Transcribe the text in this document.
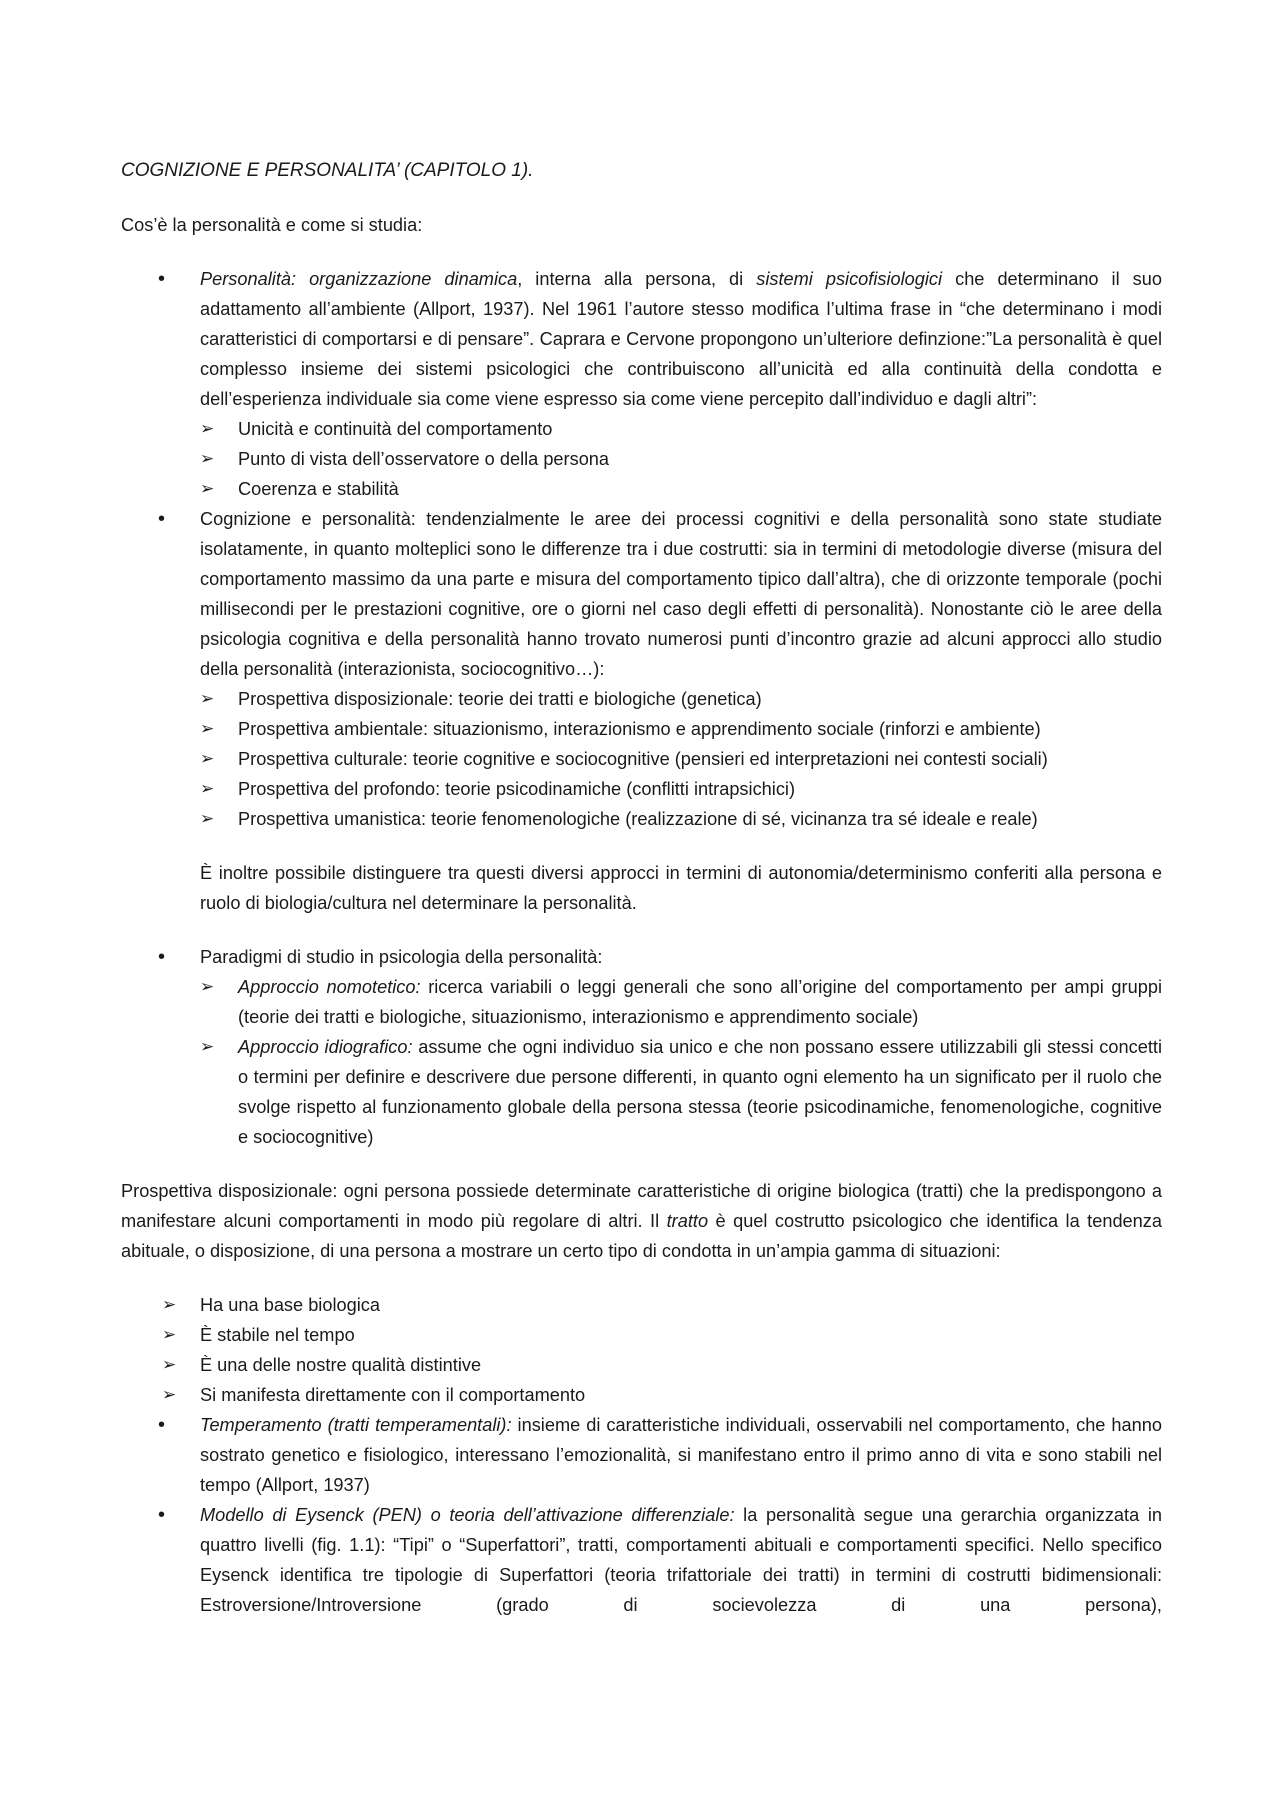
COGNIZIONE E PERSONALITA’ (CAPITOLO 1).

Cos’è la personalità e come si studia:

• Personalità: organizzazione dinamica, interna alla persona, di sistemi psicofisiologici che determinano il suo adattamento all’ambiente (Allport, 1937). Nel 1961 l’autore stesso modifica l’ultima frase in “che determinano i modi caratteristici di comportarsi e di pensare”. Caprara e Cervone propongono un’ulteriore definzione:”La personalità è quel complesso insieme dei sistemi psicologici che contribuiscono all’unicità ed alla continuità della condotta e dell’esperienza individuale sia come viene espresso sia come viene percepito dall’individuo e dagli altri”:
➢ Unicità e continuità del comportamento
➢ Punto di vista dell’osservatore o della persona
➢ Coerenza e stabilità
• Cognizione e personalità: tendenzialmente le aree dei processi cognitivi e della personalità sono state studiate isolatamente, in quanto molteplici sono le differenze tra i due costrutti: sia in termini di metodologie diverse (misura del comportamento massimo da una parte e misura del comportamento tipico dall’altra), che di orizzonte temporale (pochi millisecondi per le prestazioni cognitive, ore o giorni nel caso degli effetti di personalità). Nonostante ciò le aree della psicologia cognitiva e della personalità hanno trovato numerosi punti d’incontro grazie ad alcuni approcci allo studio della personalità (interazionista, sociocognitivo…):
➢ Prospettiva disposizionale: teorie dei tratti e biologiche (genetica)
➢ Prospettiva ambientale: situazionismo, interazionismo e apprendimento sociale (rinforzi e ambiente)
➢ Prospettiva culturale: teorie cognitive e sociocognitive (pensieri ed interpretazioni nei contesti sociali)
➢ Prospettiva del profondo: teorie psicodinamiche (conflitti intrapsichici)
➢ Prospettiva umanistica: teorie fenomenologiche (realizzazione di sé, vicinanza tra sé ideale e reale)

È inoltre possibile distinguere tra questi diversi approcci in termini di autonomia/determinismo conferiti alla persona e ruolo di biologia/cultura nel determinare la personalità.

• Paradigmi di studio in psicologia della personalità:
➢ Approccio nomotetico: ricerca variabili o leggi generali che sono all’origine del comportamento per ampi gruppi (teorie dei tratti e biologiche, situazionismo, interazionismo e apprendimento sociale)
➢ Approccio idiografico: assume che ogni individuo sia unico e che non possano essere utilizzabili gli stessi concetti o termini per definire e descrivere due persone differenti, in quanto ogni elemento ha un significato per il ruolo che svolge rispetto al funzionamento globale della persona stessa (teorie psicodinamiche, fenomenologiche, cognitive e sociocognitive)

Prospettiva disposizionale: ogni persona possiede determinate caratteristiche di origine biologica (tratti) che la predispongono a manifestare alcuni comportamenti in modo più regolare di altri. Il tratto è quel costrutto psicologico che identifica la tendenza abituale, o disposizione, di una persona a mostrare un certo tipo di condotta in un’ampia gamma di situazioni:

➢ Ha una base biologica
➢ È stabile nel tempo
➢ È una delle nostre qualità distintive
➢ Si manifesta direttamente con il comportamento
• Temperamento (tratti temperamentali): insieme di caratteristiche individuali, osservabili nel comportamento, che hanno sostrato genetico e fisiologico, interessano l’emozionalità, si manifestano entro il primo anno di vita e sono stabili nel tempo (Allport, 1937)
• Modello di Eysenck (PEN) o teoria dell’attivazione differenziale: la personalità segue una gerarchia organizzata in quattro livelli (fig. 1.1): “Tipi” o “Superfattori”, tratti, comportamenti abituali e comportamenti specifici. Nello specifico Eysenck identifica tre tipologie di Superfattori (teoria trifattoriale dei tratti) in termini di costrutti bidimensionali: Estroversione/Introversione (grado di socievolezza di una persona),
